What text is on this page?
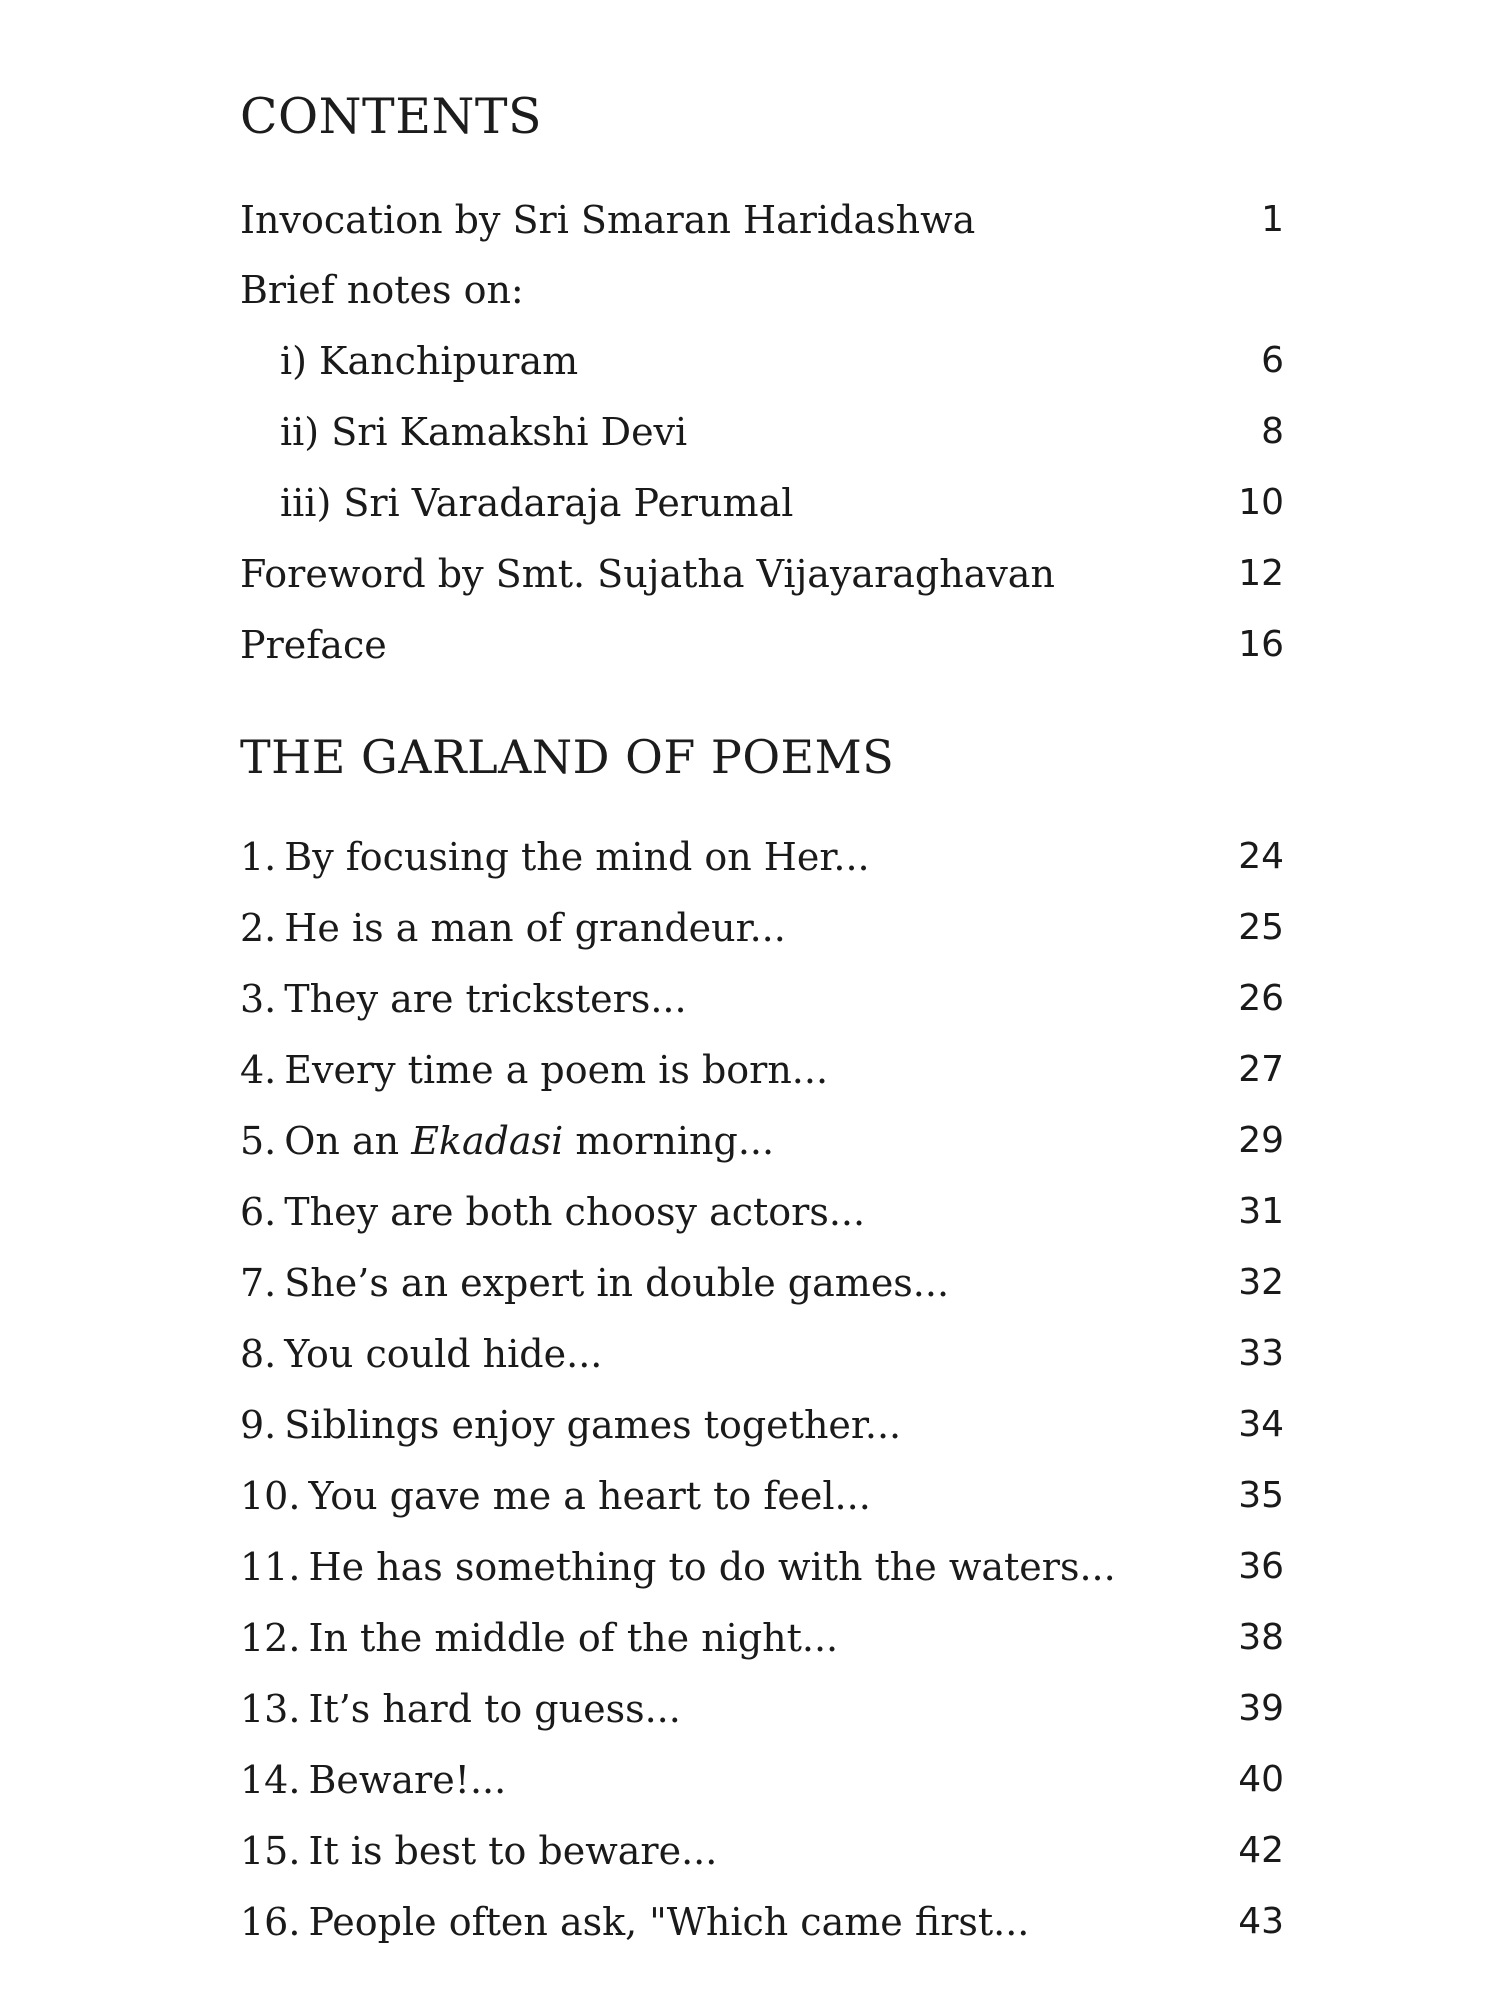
CONTENTS
Invocation by Sri Smaran Haridashwa	1
Brief notes on:
i) Kanchipuram	6
ii) Sri Kamakshi Devi	8
iii) Sri Varadaraja Perumal	10
Foreword by Smt. Sujatha Vijayaraghavan	12
Preface	16
THE GARLAND OF POEMS
1. By focusing the mind on Her...	24
2. He is a man of grandeur...	25
3. They are tricksters...	26
4. Every time a poem is born...	27
5. On an Ekadasi morning...	29
6. They are both choosy actors...	31
7. She’s an expert in double games...	32
8. You could hide...	33
9. Siblings enjoy games together...	34
10. You gave me a heart to feel...	35
11. He has something to do with the waters...	36
12. In the middle of the night...	38
13. It’s hard to guess...	39
14. Beware!...	40
15. It is best to beware...	42
16. People often ask, "Which came first...	43
